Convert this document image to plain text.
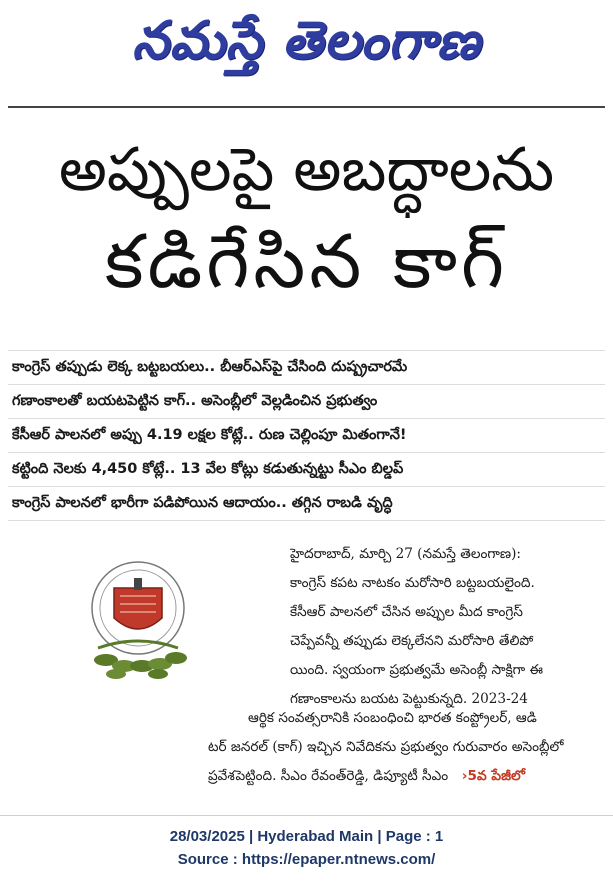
నమస్తే తెలంగాణ
అప్పులపై అబద్ధాలను
కడిగేసిన కాగ్
కాంగ్రెస్ తప్పుడు లెక్క బట్టబయలు.. బీఆర్ఎస్‌పై చేసింది దుష్ప్రచారమే
గణాంకాలతో బయటపెట్టిన కాగ్.. అసెంబ్లీలో వెల్లడించిన ప్రభుత్వం
కేసీఆర్ పాలనలో అప్పు 4.19 లక్షల కోట్లే.. రుణ చెల్లింపూ మితంగానే!
కట్టింది నెలకు 4,450 కోట్లే.. 13 వేల కోట్లు కడుతున్నట్టు సీఎం బిల్డప్
కాంగ్రెస్ పాలనలో భారీగా పడిపోయిన ఆదాయం.. తగ్గిన రాబడి వృద్ధి
హైదరాబాద్, మార్చి 27 (నమస్తే తెలంగాణ):
కాంగ్రెస్ కపట నాటకం మరోసారి బట్టబయలైంది.
కేసీఆర్ పాలనలో చేసిన అప్పుల మీద కాంగ్రెస్
చెప్పేవన్నీ తప్పుడు లెక్కలేనని మరోసారి తేలిపో
యింది. స్వయంగా ప్రభుత్వమే అసెంబ్లీ సాక్షిగా ఈ
గణాంకాలను బయట పెట్టుకున్నది. 2023-24
ఆర్థిక సంవత్సరానికి సంబంధించి భారత కంప్ట్రోలర్, ఆడి
టర్ జనరల్ (కాగ్) ఇచ్చిన నివేదికను ప్రభుత్వం గురువారం అసెంబ్లీలో
ప్రవేశపెట్టింది. సీఎం రేవంత్‌రెడ్డి, డిప్యూటీ సీఎం   ›5వ పేజీలో
28/03/2025 | Hyderabad Main | Page : 1
Source : https://epaper.ntnews.com/
